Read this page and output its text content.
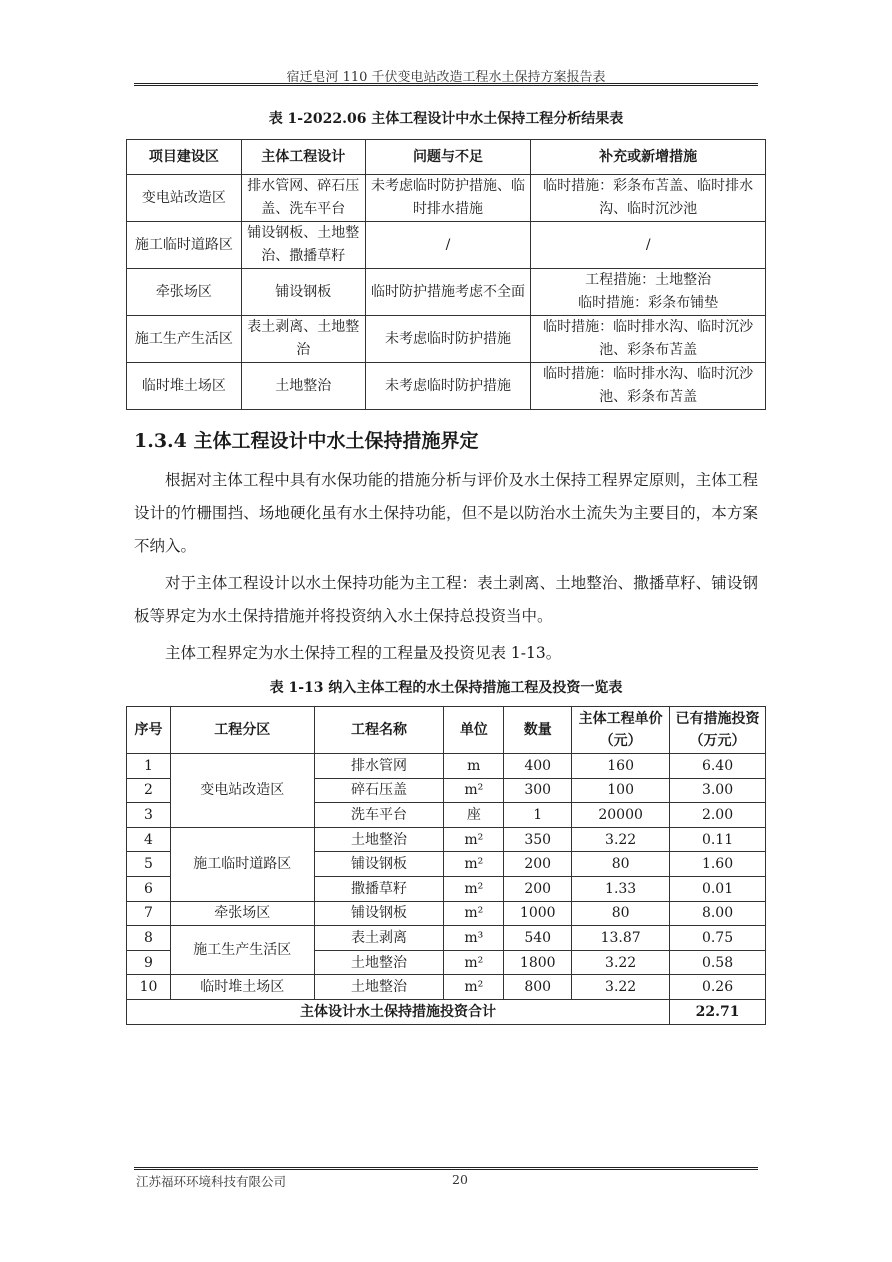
宿迁皂河 110 千伏变电站改造工程水土保持方案报告表
表 1-2022.06 主体工程设计中水土保持工程分析结果表
项目建设区	主体工程设计	问题与不足	补充或新增措施
变电站改造区	排水管网、碎石压盖、洗车平台	未考虑临时防护措施、临时排水措施	临时措施：彩条布苫盖、临时排水沟、临时沉沙池
施工临时道路区	铺设钢板、土地整治、撒播草籽	/	/
牵张场区	铺设钢板	临时防护措施考虑不全面	工程措施：土地整治
临时措施：彩条布铺垫
施工生产生活区	表土剥离、土地整治	未考虑临时防护措施	临时措施：临时排水沟、临时沉沙池、彩条布苫盖
临时堆土场区	土地整治	未考虑临时防护措施	临时措施：临时排水沟、临时沉沙池、彩条布苫盖
1.3.4 主体工程设计中水土保持措施界定
根据对主体工程中具有水保功能的措施分析与评价及水土保持工程界定原则，主体工程设计的竹栅围挡、场地硬化虽有水土保持功能，但不是以防治水土流失为主要目的，本方案不纳入。
对于主体工程设计以水土保持功能为主工程：表土剥离、土地整治、撒播草籽、铺设钢板等界定为水土保持措施并将投资纳入水土保持总投资当中。
主体工程界定为水土保持工程的工程量及投资见表 1-13。
表 1-13 纳入主体工程的水土保持措施工程及投资一览表
序号	工程分区	工程名称	单位	数量	主体工程单价（元）	已有措施投资（万元）
1	变电站改造区	排水管网	m	400	160	6.40
2		碎石压盖	m²	300	100	3.00
3		洗车平台	座	1	20000	2.00
4	施工临时道路区	土地整治	m²	350	3.22	0.11
5		铺设钢板	m²	200	80	1.60
6		撒播草籽	m²	200	1.33	0.01
7	牵张场区	铺设钢板	m²	1000	80	8.00
8	施工生产生活区	表土剥离	m³	540	13.87	0.75
9		土地整治	m²	1800	3.22	0.58
10	临时堆土场区	土地整治	m²	800	3.22	0.26
主体设计水土保持措施投资合计						22.71
江苏福环环境科技有限公司	20
